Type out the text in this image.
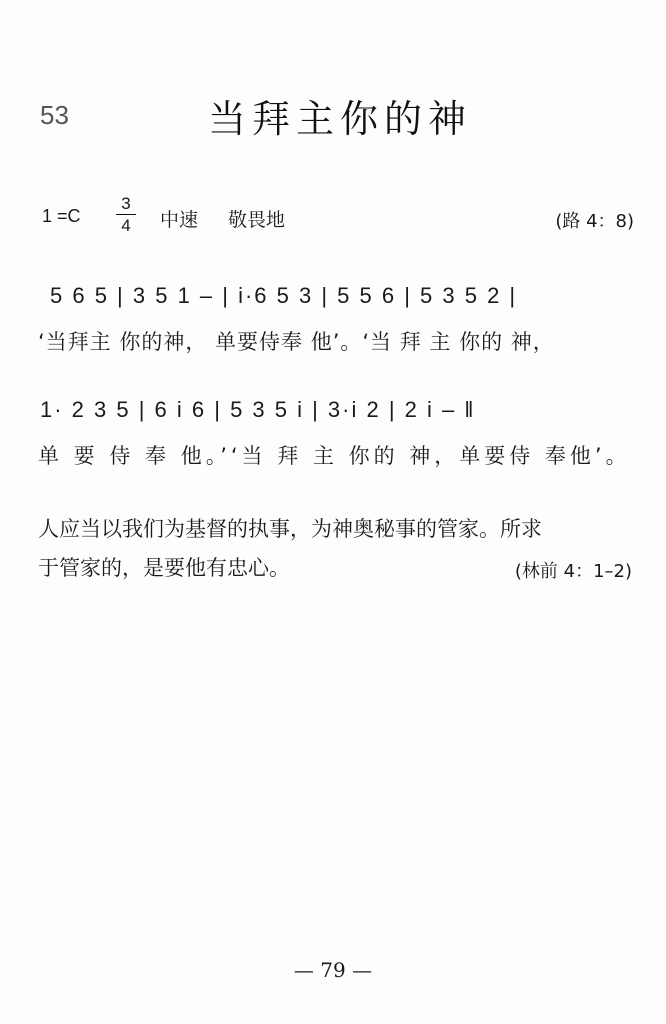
53	当拜主你的神
1 =C
3
4 中速 敬畏地	(路 4：8)
5 6 5 | 3 5 1 – | i·6 5 3 | 5 5 6 | 5 3 5 2 |
‘当拜主 你的神， 单要侍奉 他’。‘当 拜 主 你的 神，
1· 2 3 5 | 6 i 6 | 5 3 5 i | 3·i 2 | 2 i – ‖
单 要 侍 奉 他。’‘当 拜 主 你的 神，单要侍 奉他’。
人应当以我们为基督的执事，为神奥秘事的管家。所求
于管家的，是要他有忠心。	(林前 4：1–2)
— 79 —
